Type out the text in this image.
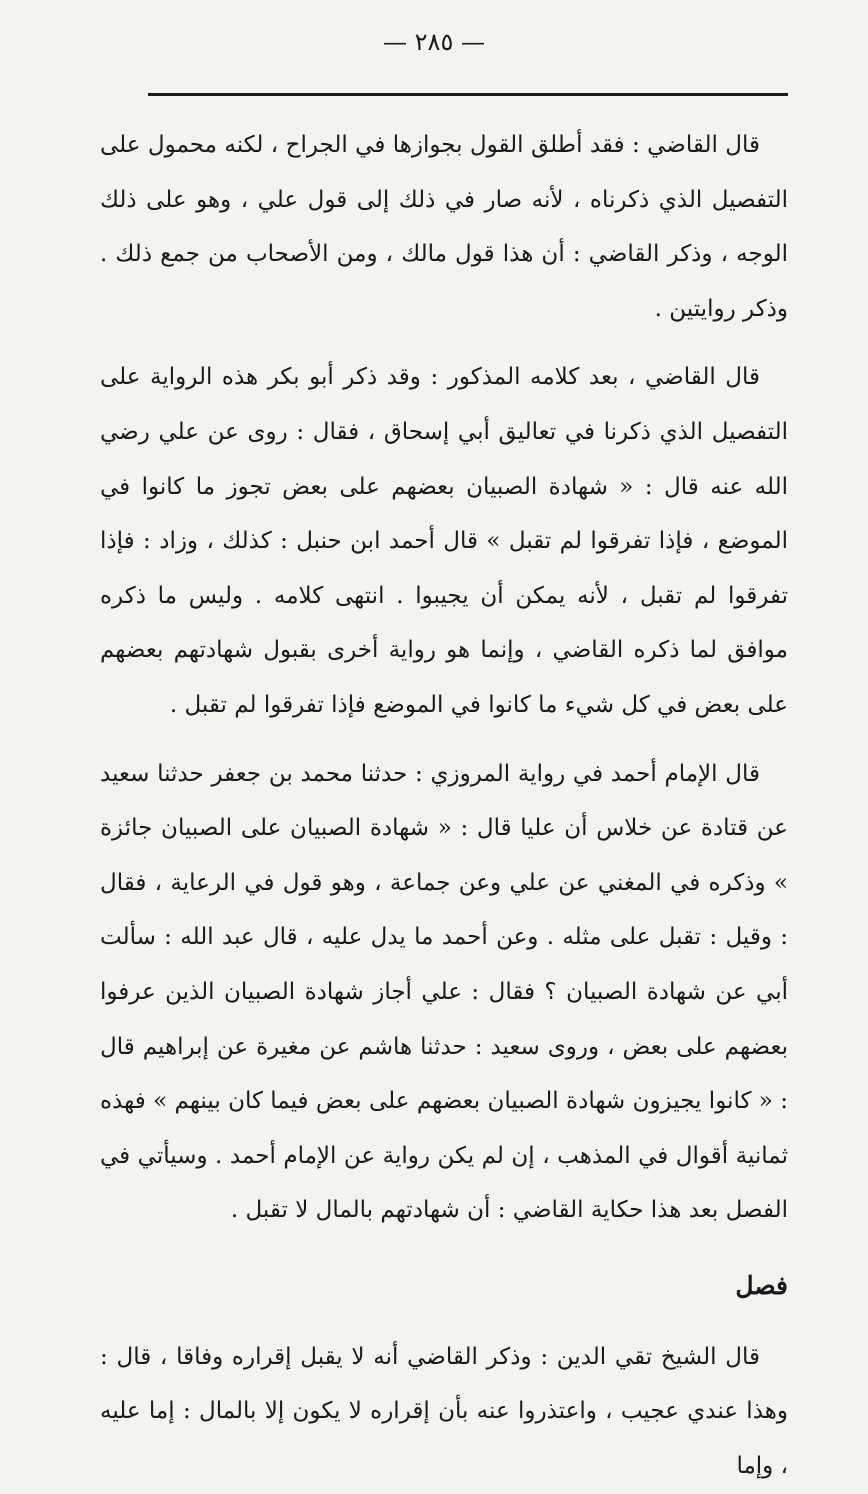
— ٢٨٥ —

قال القاضي : فقد أطلق القول بجوازها في الجراح ، لكنه محمول على التفصيل الذي ذكرناه ، لأنه صار في ذلك إلى قول علي ، وهو على ذلك الوجه ، وذكر القاضي : أن هذا قول مالك ، ومن الأصحاب من جمع ذلك . وذكر روايتين .

قال القاضي ، بعد كلامه المذكور : وقد ذكر أبو بكر هذه الرواية على التفصيل الذي ذكرنا في تعاليق أبي إسحاق ، فقال : روى عن علي رضي الله عنه قال : « شهادة الصبيان بعضهم على بعض تجوز ما كانوا في الموضع ، فإذا تفرقوا لم تقبل » قال أحمد ابن حنبل : كذلك ، وزاد : فإذا تفرقوا لم تقبل ، لأنه يمكن أن يجيبوا . انتهى كلامه . وليس ما ذكره موافق لما ذكره القاضي ، وإنما هو رواية أخرى بقبول شهادتهم بعضهم على بعض في كل شيء ما كانوا في الموضع فإذا تفرقوا لم تقبل .

قال الإمام أحمد في رواية المروزي : حدثنا محمد بن جعفر حدثنا سعيد عن قتادة عن خلاس أن عليا قال : « شهادة الصبيان على الصبيان جائزة » وذكره في المغني عن علي وعن جماعة ، وهو قول في الرعاية ، فقال : وقيل : تقبل على مثله . وعن أحمد ما يدل عليه ، قال عبد الله : سألت أبي عن شهادة الصبيان ؟ فقال : علي أجاز شهادة الصبيان الذين عرفوا بعضهم على بعض ، وروى سعيد : حدثنا هاشم عن مغيرة عن إبراهيم قال : « كانوا يجيزون شهادة الصبيان بعضهم على بعض فيما كان بينهم » فهذه ثمانية أقوال في المذهب ، إن لم يكن رواية عن الإمام أحمد . وسيأتي في الفصل بعد هذا حكاية القاضي : أن شهادتهم بالمال لا تقبل .

فصل

قال الشيخ تقي الدين : وذكر القاضي أنه لا يقبل إقراره وفاقا ، قال : وهذا عندي عجيب ، واعتذروا عنه بأن إقراره لا يكون إلا بالمال : إما عليه ، وإما
